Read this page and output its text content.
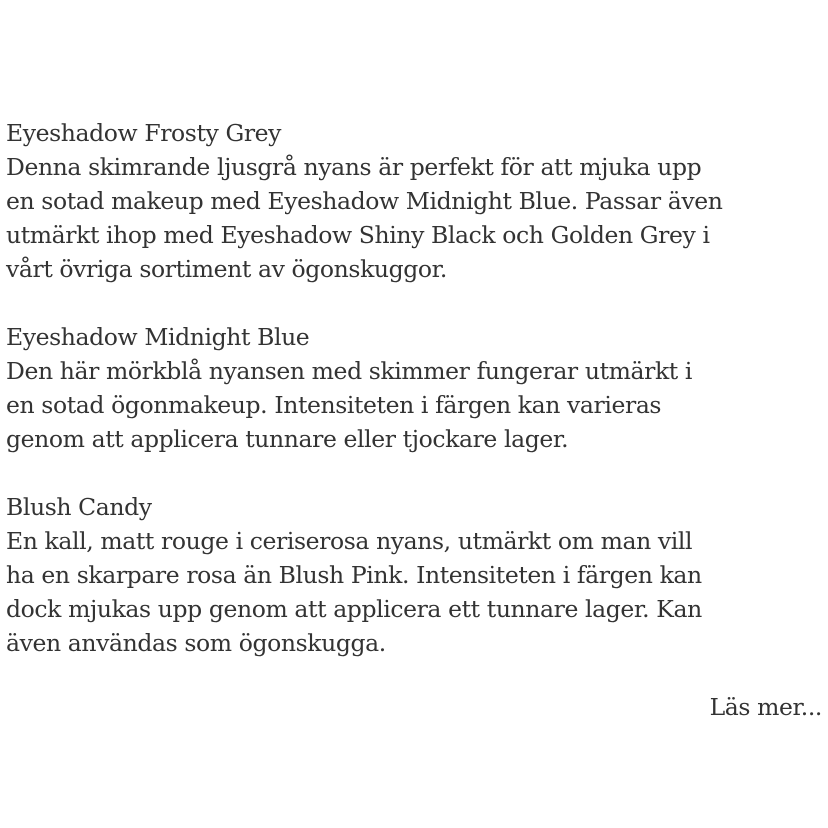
Eyeshadow Frosty Grey
Denna skimrande ljusgrå nyans är perfekt för att mjuka upp
en sotad makeup med Eyeshadow Midnight Blue. Passar även
utmärkt ihop med Eyeshadow Shiny Black och Golden Grey i
vårt övriga sortiment av ögonskuggor.
Eyeshadow Midnight Blue
Den här mörkblå nyansen med skimmer fungerar utmärkt i
en sotad ögonmakeup. Intensiteten i färgen kan varieras
genom att applicera tunnare eller tjockare lager.
Blush Candy
En kall, matt rouge i ceriserosa nyans, utmärkt om man vill
ha en skarpare rosa än Blush Pink. Intensiteten i färgen kan
dock mjukas upp genom att applicera ett tunnare lager. Kan
även användas som ögonskugga.
Läs mer...
